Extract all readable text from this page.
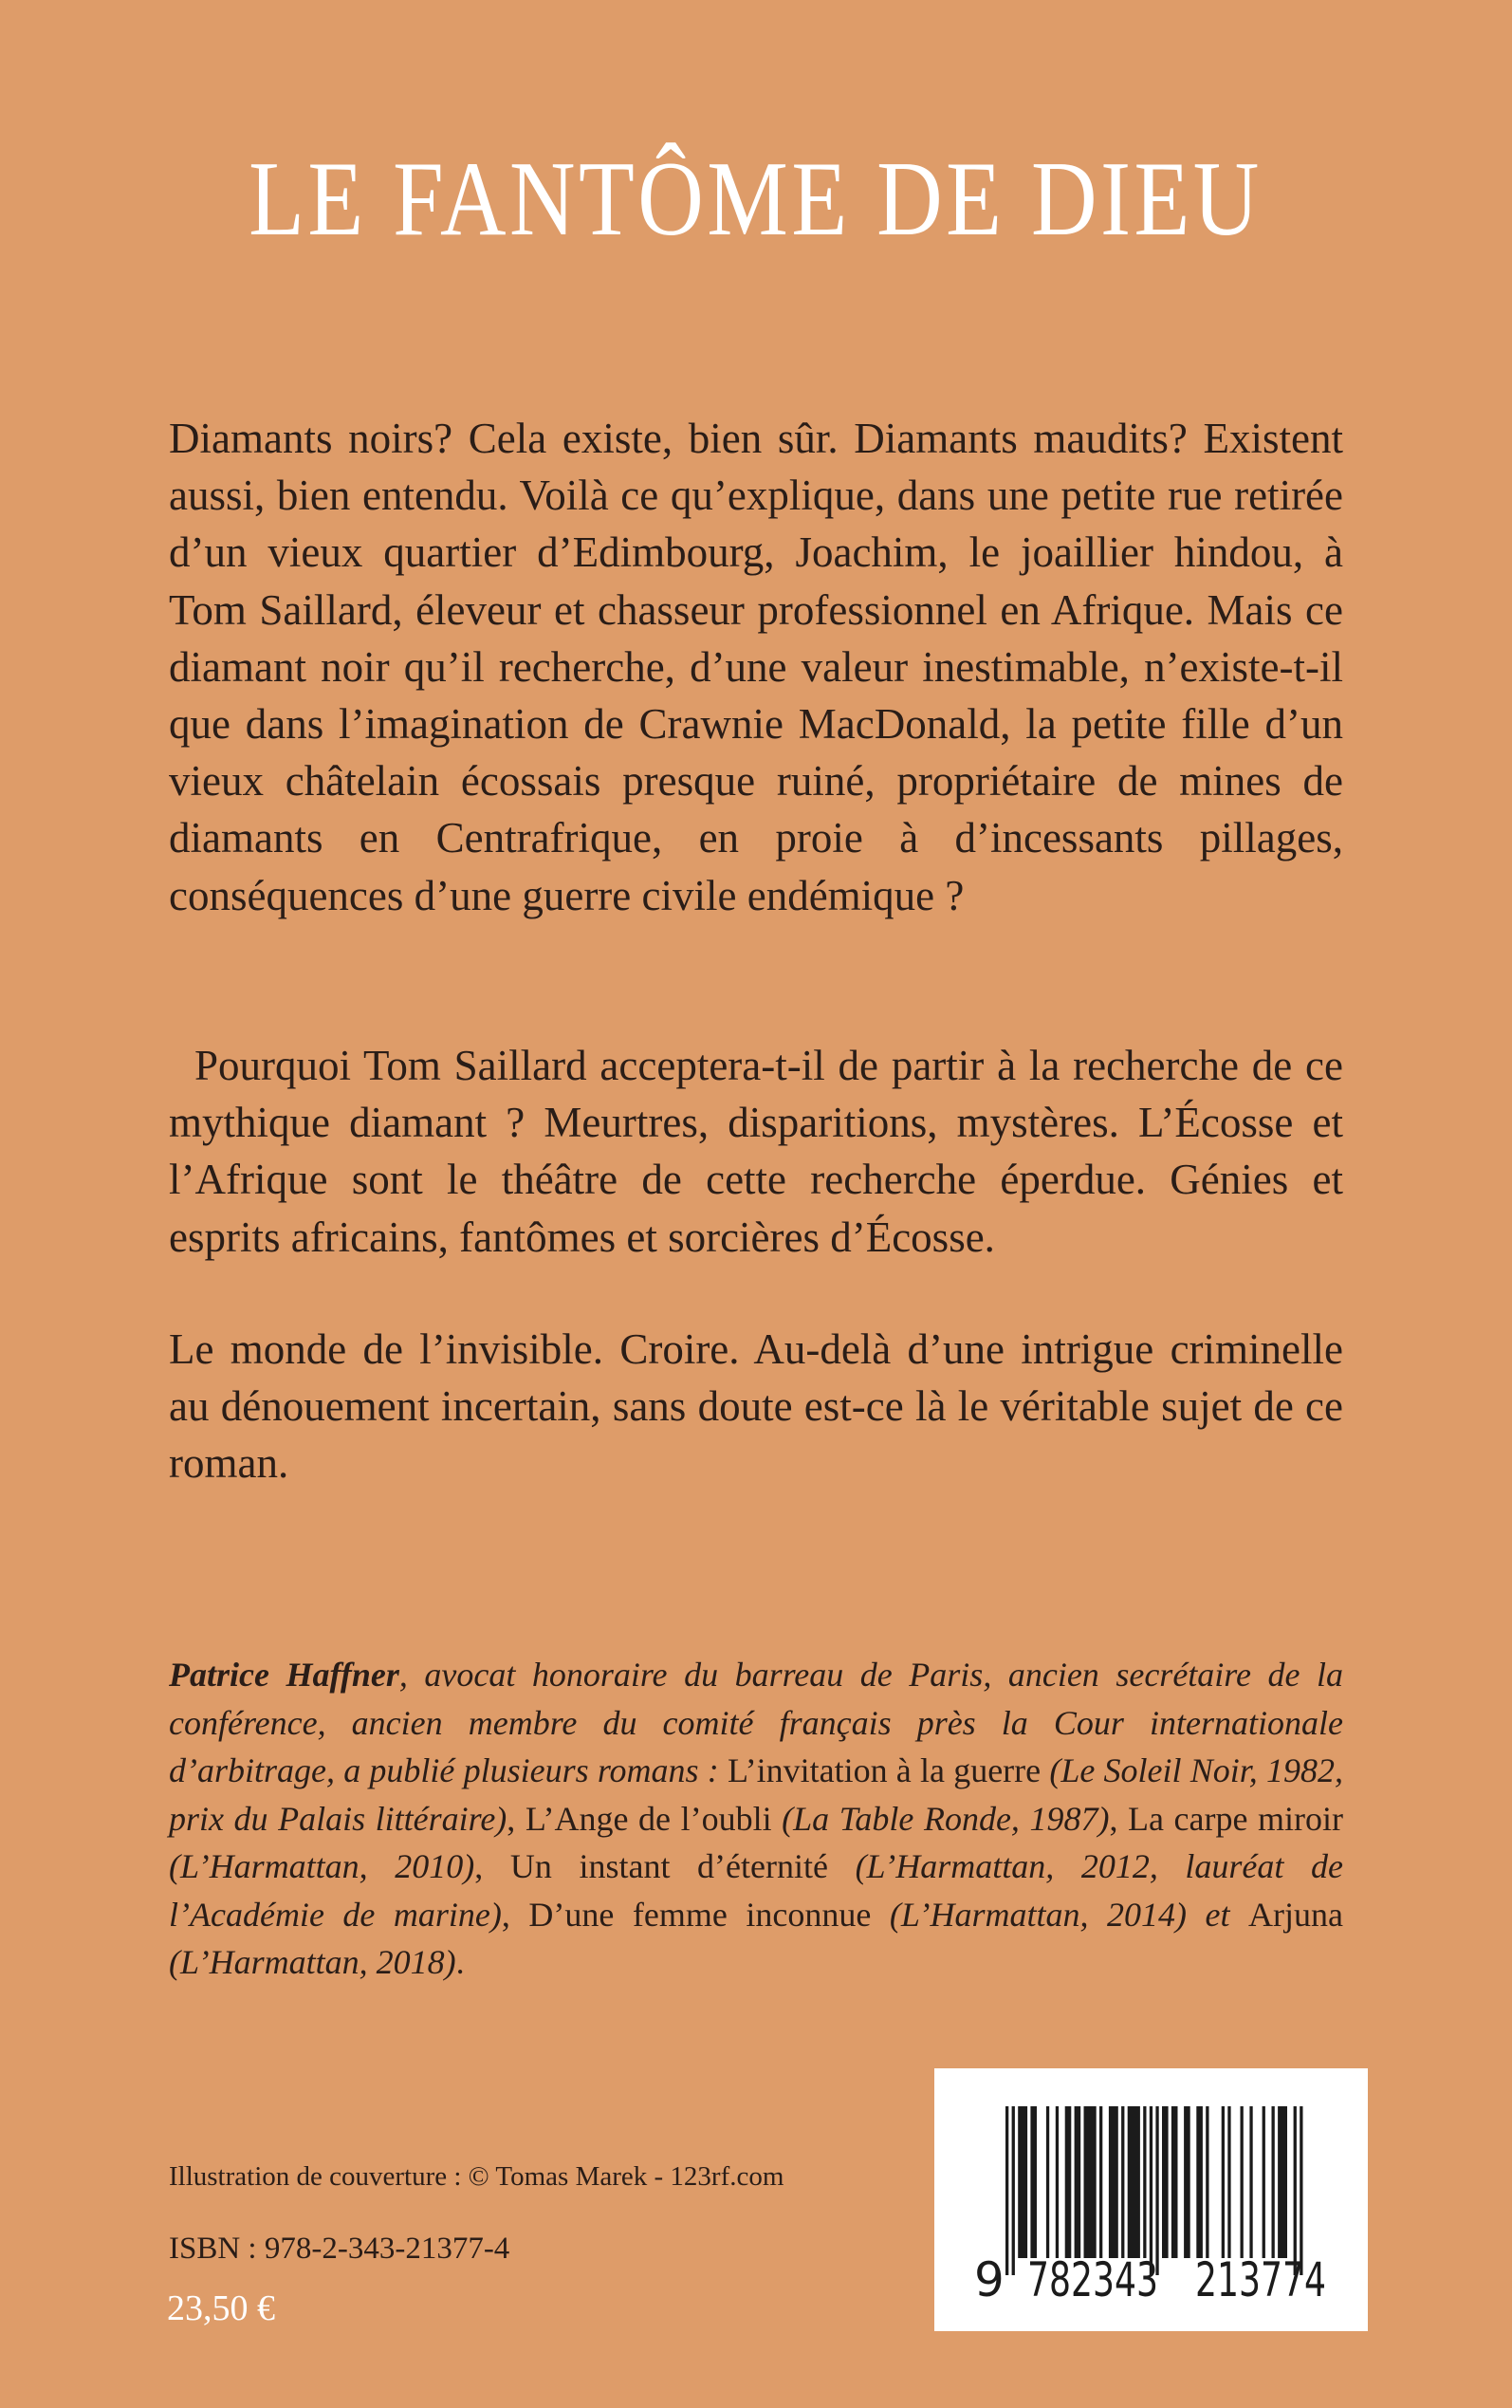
LE FANTÔME DE DIEU

Diamants noirs? Cela existe, bien sûr. Diamants maudits? Existent aussi, bien entendu. Voilà ce qu’explique, dans une petite rue retirée d’un vieux quartier d’Edimbourg, Joachim, le joaillier hindou, à Tom Saillard, éleveur et chasseur professionnel en Afrique. Mais ce diamant noir qu’il recherche, d’une valeur inestimable, n’existe-t-il que dans l’imagination de Crawnie MacDonald, la petite fille d’un vieux châtelain écossais presque ruiné, propriétaire de mines de diamants en Centrafrique, en proie à d’incessants pillages, conséquences d’une guerre civile endémique ?

Pourquoi Tom Saillard acceptera-t-il de partir à la recherche de ce mythique diamant ? Meurtres, disparitions, mystères. L’Écosse et l’Afrique sont le théâtre de cette recherche éperdue. Génies et esprits africains, fantômes et sorcières d’Écosse.

Le monde de l’invisible. Croire. Au-delà d’une intrigue criminelle au dénouement incertain, sans doute est-ce là le véritable sujet de ce roman.

Patrice Haffner, avocat honoraire du barreau de Paris, ancien secrétaire de la conférence, ancien membre du comité français près la Cour internationale d’arbitrage, a publié plusieurs romans : L’invitation à la guerre (Le Soleil Noir, 1982, prix du Palais littéraire), L’Ange de l’oubli (La Table Ronde, 1987), La carpe miroir (L’Harmattan, 2010), Un instant d’éternité (L’Harmattan, 2012, lauréat de l’Académie de marine), D’une femme inconnue (L’Harmattan, 2014) et Arjuna (L’Harmattan, 2018).

Illustration de couverture : © Tomas Marek - 123rf.com

ISBN : 978-2-343-21377-4

23,50 €

9 782343 213774
